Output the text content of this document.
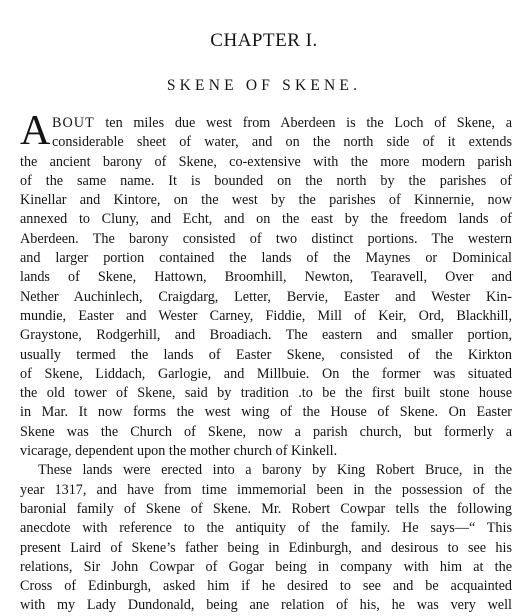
CHAPTER I.
SKENE OF SKENE.
A BOUT ten miles due west from Aberdeen is the Loch of Skene, a
considerable sheet of water, and on the north side of it extends
the ancient barony of Skene, co-extensive with the more modern parish
of the same name. It is bounded on the north by the parishes of
Kinellar and Kintore, on the west by the parishes of Kinnernie, now
annexed to Cluny, and Echt, and on the east by the freedom lands of
Aberdeen. The barony consisted of two distinct portions. The western
and larger portion contained the lands of the Maynes or Dominical
lands of Skene, Hattown, Broomhill, Newton, Tearavell, Over and
Nether Auchinlech, Craigdarg, Letter, Bervie, Easter and Wester Kin-
mundie, Easter and Wester Carney, Fiddie, Mill of Keir, Ord, Blackhill,
Graystone, Rodgerhill, and Broadiach. The eastern and smaller portion,
usually termed the lands of Easter Skene, consisted of the Kirkton
of Skene, Liddach, Garlogie, and Millbuie. On the former was situated
the old tower of Skene, said by tradition .to be the first built stone house
in Mar. It now forms the west wing of the House of Skene. On Easter
Skene was the Church of Skene, now a parish church, but formerly a
vicarage, dependent upon the mother church of Kinkell.
These lands were erected into a barony by King Robert Bruce, in the
year 1317, and have from time immemorial been in the possession of the
baronial family of Skene of Skene. Mr. Robert Cowpar tells the following
anecdote with reference to the antiquity of the family. He says—“ This
present Laird of Skene’s father being in Edinburgh, and desirous to see his
relations, Sir John Cowpar of Gogar being in company with him at the
Cross of Edinburgh, asked him if he desired to see and be acquainted
with my Lady Dundonald, being ane relation of his, he was very well
